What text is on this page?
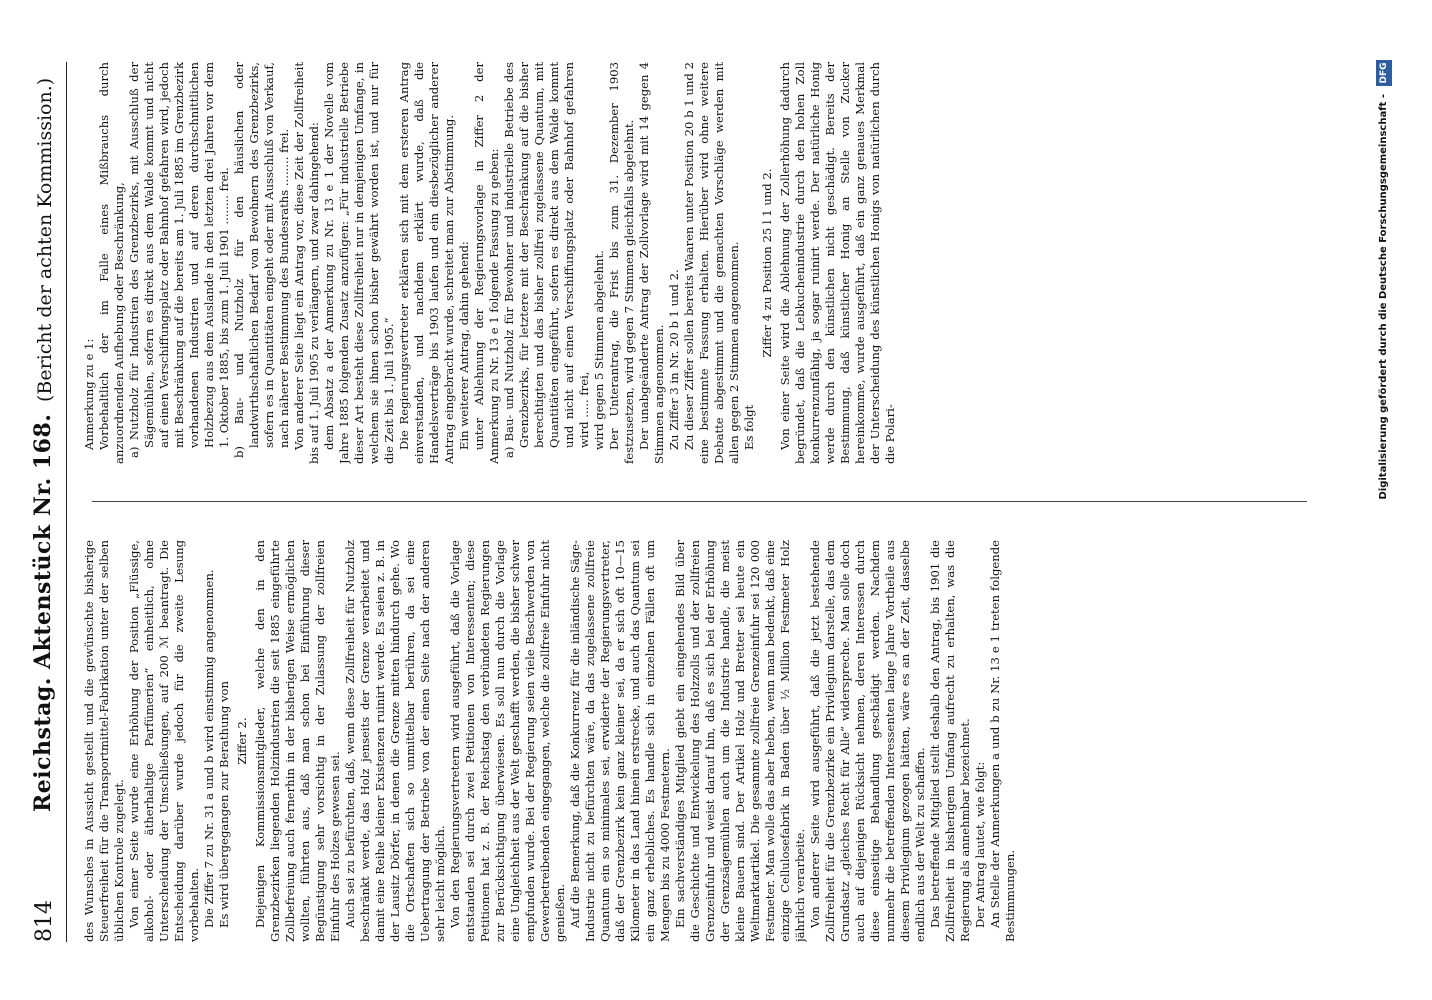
814
Reichstag. Aktenstück Nr. 168.
(Bericht der achten Kommission.)

des Wunsches in Aussicht gestellt und die gewünschte bisherige Steuerfreiheit für die Transportmittel-Fabrikation unter der selben üblichen Kontrole zugelegt. Von einer Seite wurde eine Erhöhung der Position „Flüssige, alkohol- oder ätherhaltige Parfümerien“ einheitlich, ohne Unterscheidung der Umschließungen, auf 200 ℳ beantragt. Die Entscheidung darüber wurde jedoch für die zweite Lesung vorbehalten. Die Ziffer 7 zu Nr. 31 a und b wird einstimmig angenommen. Es wird übergegangen zur Berathung von Ziffer 2. Diejenigen Kommissionsmitglieder, welche den in den Grenzbezirken liegenden Holzindustrien die seit 1885 eingeführte Zollbefreiung auch fernerhin in der bisherigen Weise ermöglichen wollten, führten aus, daß man schon bei Einführung dieser Begünstigung sehr vorsichtig in der Zulassung der zollfreien Einfuhr des Holzes gewesen sei. Auch sei zu befürchten, daß, wenn diese Zollfreiheit für Nutzholz beschränkt werde, das Holz jenseits der Grenze verarbeitet und damit eine Reihe kleiner Existenzen ruinirt werde. Es seien z. B. in der Lausitz Dörfer, in denen die Grenze mitten hindurch gehe. Wo die Ortschaften sich so unmittelbar berühren, da sei eine Uebertragung der Betriebe von der einen Seite nach der anderen sehr leicht möglich. Von den Regierungsvertretern wird ausgeführt, daß die Vorlage entstanden sei durch zwei Petitionen von Interessenten; diese Petitionen hat z. B. der Reichstag den verbündeten Regierungen zur Berücksichtigung überwiesen. Es soll nun durch die Vorlage eine Ungleichheit aus der Welt geschafft werden, die bisher schwer empfunden wurde. Bei der Regierung seien viele Beschwerden von Gewerbetreibenden eingegangen, welche die zollfreie Einfuhr nicht genießen. Auf die Bemerkung, daß die Konkurrenz für die inländische Säge-Industrie nicht zu befürchten wäre, da das zugelassene zollfreie Quantum ein so minimales sei, erwiderte der Regierungsvertreter, daß der Grenzbezirk kein ganz kleiner sei, da er sich oft 10—15 Kilometer in das Land hinein erstrecke, und auch das Quantum sei ein ganz erhebliches. Es handle sich in einzelnen Fällen oft um Mengen bis zu 4000 Festmetern. Ein sachverständiges Mitglied giebt ein eingehendes Bild über die Geschichte und Entwickelung des Holzzolls und der zollfreien Grenzeinfuhr und weist darauf hin, daß es sich bei der Erhöhung der Grenzsägemühlen auch um die Industrie handle, die meist kleine Bauern sind. Der Artikel Holz und Bretter sei heute ein Weltmarktartikel. Die gesammte zollfreie Grenzeinfuhr sei 120 000 Festmeter. Man wolle das aber heben, wenn man bedenkt, daß eine einzige Cellulosefabrik in Baden über ½ Million Festmeter Holz jährlich verarbeite. Von anderer Seite wird ausgeführt, daß die jetzt bestehende Zollfreiheit für die Grenzbezirke ein Privilegium darstelle, das dem Grundsatz „gleiches Recht für Alle“ widerspreche. Man solle doch auch auf diejenigen Rücksicht nehmen, deren Interessen durch diese einseitige Behandlung geschädigt werden. Nachdem nunmehr die betreffenden Interessenten lange Jahre Vortheile aus diesem Privilegium gezogen hätten, wäre es an der Zeit, dasselbe endlich aus der Welt zu schaffen. Das betreffende Mitglied stellt deshalb den Antrag, bis 1901 die Zollfreiheit in bisherigem Umfang aufrecht zu erhalten, was die Regierung als annehmbar bezeichnet. Der Antrag lautet, wie folgt: An Stelle der Anmerkungen a und b zu Nr. 13 e 1 treten folgende Bestimmungen.

Anmerkung zu e 1: Vorbehaltlich der im Falle eines Mißbrauchs durch anzuordnenden Aufhebung oder Beschränkung, a) Nutzholz für Industrien des Grenzbezirks, mit Ausschluß der Sägemühlen, sofern es direkt aus dem Walde kommt und nicht auf einen Verschiffungsplatz oder Bahnhof gefahren wird, jedoch mit Beschränkung auf die bereits am 1. Juli 1885 im Grenzbezirk vorhandenen Industrien und auf deren durchschnittlichen Holzbezug aus dem Auslande in den letzten drei Jahren vor dem 1. Oktober 1885, bis zum 1. Juli 1901 ........ frei. b) Bau- und Nutzholz für den häuslichen oder landwirthschaftlichen Bedarf von Bewohnern des Grenzbezirks, sofern es in Quantitäten eingeht oder mit Ausschluß von Verkauf, nach näherer Bestimmung des Bundesraths ........ frei. Von anderer Seite liegt ein Antrag vor, diese Zeit der Zollfreiheit bis auf 1. Juli 1905 zu verlängern, und zwar dahingehend: dem Absatz a der Anmerkung zu Nr. 13 e 1 der Novelle vom Jahre 1885 folgenden Zusatz anzufügen: „Für industrielle Betriebe dieser Art besteht diese Zollfreiheit nur in demjenigen Umfange, in welchem sie ihnen schon bisher gewährt worden ist, und nur für die Zeit bis 1. Juli 1905.“ Die Regierungsvertreter erklären sich mit dem ersteren Antrag einverstanden, und nachdem erklärt wurde, daß die Handelsverträge bis 1903 laufen und ein diesbezüglicher anderer Antrag eingebracht wurde, schreitet man zur Abstimmung. Ein weiterer Antrag, dahin gehend: unter Ablehnung der Regierungsvorlage in Ziffer 2 der Anmerkung zu Nr. 13 e 1 folgende Fassung zu geben: a) Bau- und Nutzholz für Bewohner und industrielle Betriebe des Grenzbezirks, für letztere mit der Beschränkung auf die bisher berechtigten und das bisher zollfrei zugelassene Quantum, mit Quantitäten eingeführt, sofern es direkt aus dem Walde kommt und nicht auf einen Verschiffungsplatz oder Bahnhof gefahren wird ..... frei, wird gegen 5 Stimmen abgelehnt. Der Unterantrag, die Frist bis zum 31. Dezember 1903 festzusetzen, wird gegen 7 Stimmen gleichfalls abgelehnt. Der unabgeänderte Antrag der Zollvorlage wird mit 14 gegen 4 Stimmen angenommen. Zu Ziffer 3 in Nr. 20 b 1 und 2. Zu dieser Ziffer sollen bereits Waaren unter Position 20 b 1 und 2 eine bestimmte Fassung erhalten. Hierüber wird ohne weitere Debatte abgestimmt und die gemachten Vorschläge werden mit allen gegen 2 Stimmen angenommen. Es folgt

Ziffer 4 zu Position 25 l 1 und 2. Von einer Seite wird die Ablehnung der Zollerhöhung dadurch begründet, daß die Lebkuchenindustrie durch den hohen Zoll konkurrenzunfähig, ja sogar ruinirt werde. Der natürliche Honig werde durch den künstlichen nicht geschädigt. Bereits der Bestimmung, daß künstlicher Honig an Stelle von Zucker hereinkomme, wurde ausgeführt, daß ein ganz genaues Merkmal der Unterscheidung des künstlichen Honigs von natürlichen durch die Polari-	Digitalisierung gefördert durch die Deutsche Forschungsgemeinschaft -
DFG
